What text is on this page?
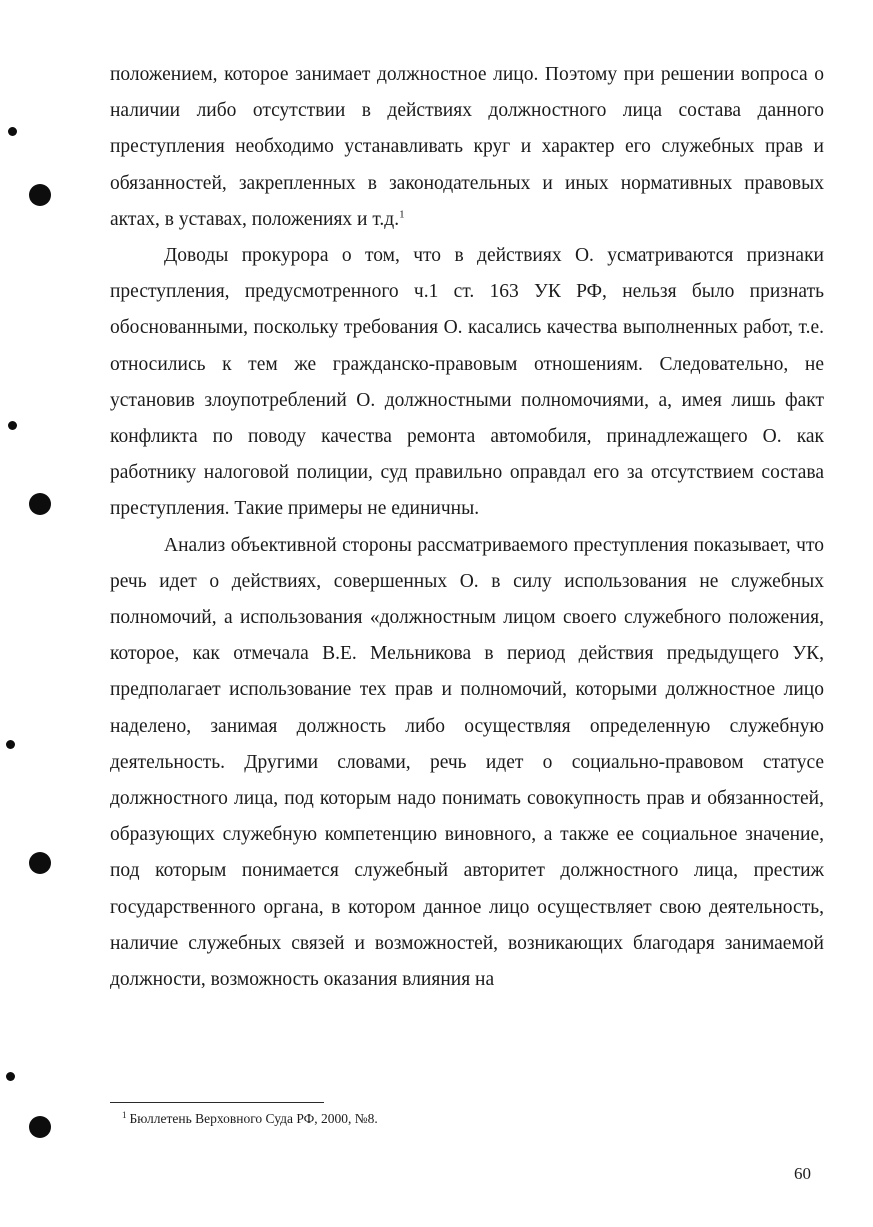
положением, которое занимает должностное лицо. Поэтому при решении вопроса о наличии либо отсутствии в действиях должностного лица состава данного преступления необходимо устанавливать круг и характер его служебных прав и обязанностей, закрепленных в законодательных и иных нормативных правовых актах, в уставах, положениях и т.д.$^1$

Доводы прокурора о том, что в действиях О. усматриваются признаки преступления, предусмотренного ч.1 ст. 163 УК РФ, нельзя было признать обоснованными, поскольку требования О. касались качества выполненных работ, т.е. относились к тем же гражданско-правовым отношениям. Следовательно, не установив злоупотреблений О. должностными полномочиями, а, имея лишь факт конфликта по поводу качества ремонта автомобиля, принадлежащего О. как работнику налоговой полиции, суд правильно оправдал его за отсутствием состава преступления. Такие примеры не единичны.

Анализ объективной стороны рассматриваемого преступления показывает, что речь идет о действиях, совершенных О. в силу использования не служебных полномочий, а использования «должностным лицом своего служебного положения, которое, как отмечала В.Е. Мельникова в период действия предыдущего УК, предполагает использование тех прав и полномочий, которыми должностное лицо наделено, занимая должность либо осуществляя определенную служебную деятельность. Другими словами, речь идет о социально-правовом статусе должностного лица, под которым надо понимать совокупность прав и обязанностей, образующих служебную компетенцию виновного, а также ее социальное значение, под которым понимается служебный авторитет должностного лица, престиж государственного органа, в котором данное лицо осуществляет свою деятельность, наличие служебных связей и возможностей, возникающих благодаря занимаемой должности, возможность оказания влияния на

$^1$ Бюллетень Верховного Суда РФ, 2000, №8.
60
